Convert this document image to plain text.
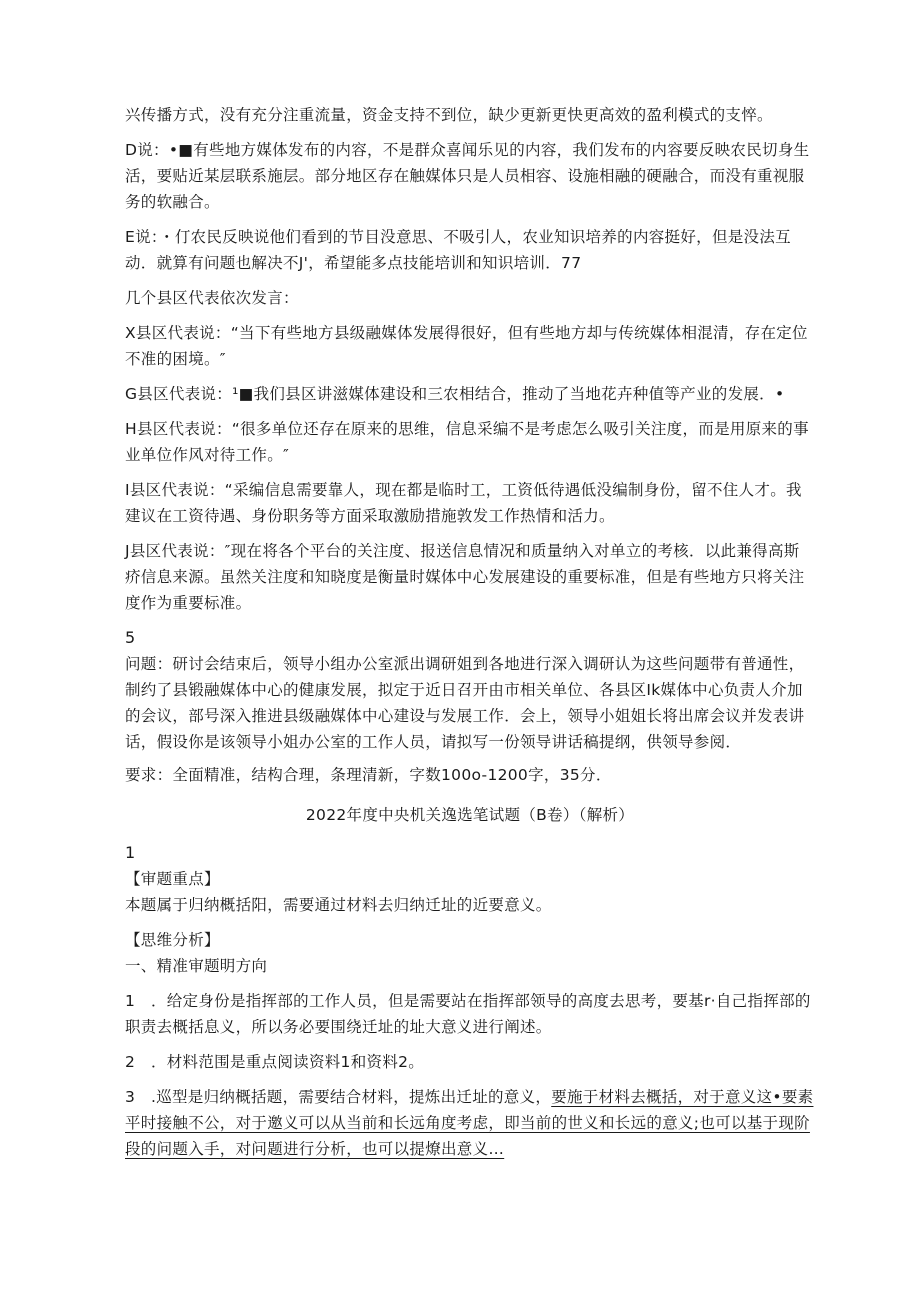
兴传播方式，没有充分注重流量，资金支持不到位，缺少更新更快更高效的盈利模式的支悴。

D说：•■有些地方媒体发布的内容，不是群众喜闻乐见的内容，我们发布的内容要反映农民切身生活，要贴近某层联系施层。部分地区存在触媒体只是人员相容、设施相融的硬融合，而没有重视服务的软融合。

E说：・仃农民反映说他们看到的节目没意思、不吸引人，农业知识培养的内容挺好，但是没法互动．就算有问题也解决不J'，希望能多点技能培训和知识培训．77

几个县区代表依次发言：

X县区代表说：“当下有些地方县级融媒体发展得很好，但有些地方却与传统媒体相混清，存在定位不准的困境。″

G县区代表说：¹■我们县区讲滋媒体建设和三农相结合，推动了当地花卉种值等产业的发展．•

H县区代表说：“很多单位还存在原来的思维，信息采编不是考虑怎么吸引关注度，而是用原来的事业单位作风对待工作。″

I县区代表说：“采编信息需要靠人，现在都是临时工，工资低待遇低没编制身份，留不住人才。我建议在工资待遇、身份职务等方面采取激励措施敦发工作热情和活力。

J县区代表说：″现在将各个平台的关注度、报送信息情况和质量纳入对单立的考核．以此兼得高斯疥信息来源。虽然关注度和知晓度是衡量时媒体中心发展建设的重要标准，但是有些地方只将关注度作为重要标准。

5

问题：研讨会结束后，领导小组办公室派出调研姐到各地进行深入调研认为这些问题带有普通性，制约了县锻融媒体中心的健康发展，拟定于近日召开由市相关单位、各县区Ik媒体中心负责人介加的会议，部号深入推进县级融媒体中心建设与发展工作．会上，领导小姐姐长将出席会议并发表讲话，假设你是该领导小姐办公室的工作人员，请拟写一份领导讲话稿提纲，供领导参阅．

要求：全面精准，结构合理，条理清新，字数100o-1200字，35分．

2022年度中央机关逸选笔试题（B卷）（解析）

1

【审题重点】

本题属于归纳概括阳，需要通过材料去归纳迁址的近要意义。

【思维分析】

一、精准审题明方向

1　．给定身份是指挥部的工作人员，但是需要站在指挥部领导的高度去思考，要基r·自己指挥部的职责去概括息义，所以务必要围绕迁址的址大意义进行阐述。

2　．材料范围是重点阅读资料1和资料2。

3　.巡型是归纳概括题，需要结合材料，提炼出迁址的意义，要施于材料去概括，对于意义这•要素平时接触不公，对于邀义可以从当前和长远角度考虑，即当前的世义和长远的意义;也可以基于现阶段的问题入手，对问题进行分析，也可以提燎出意义…
